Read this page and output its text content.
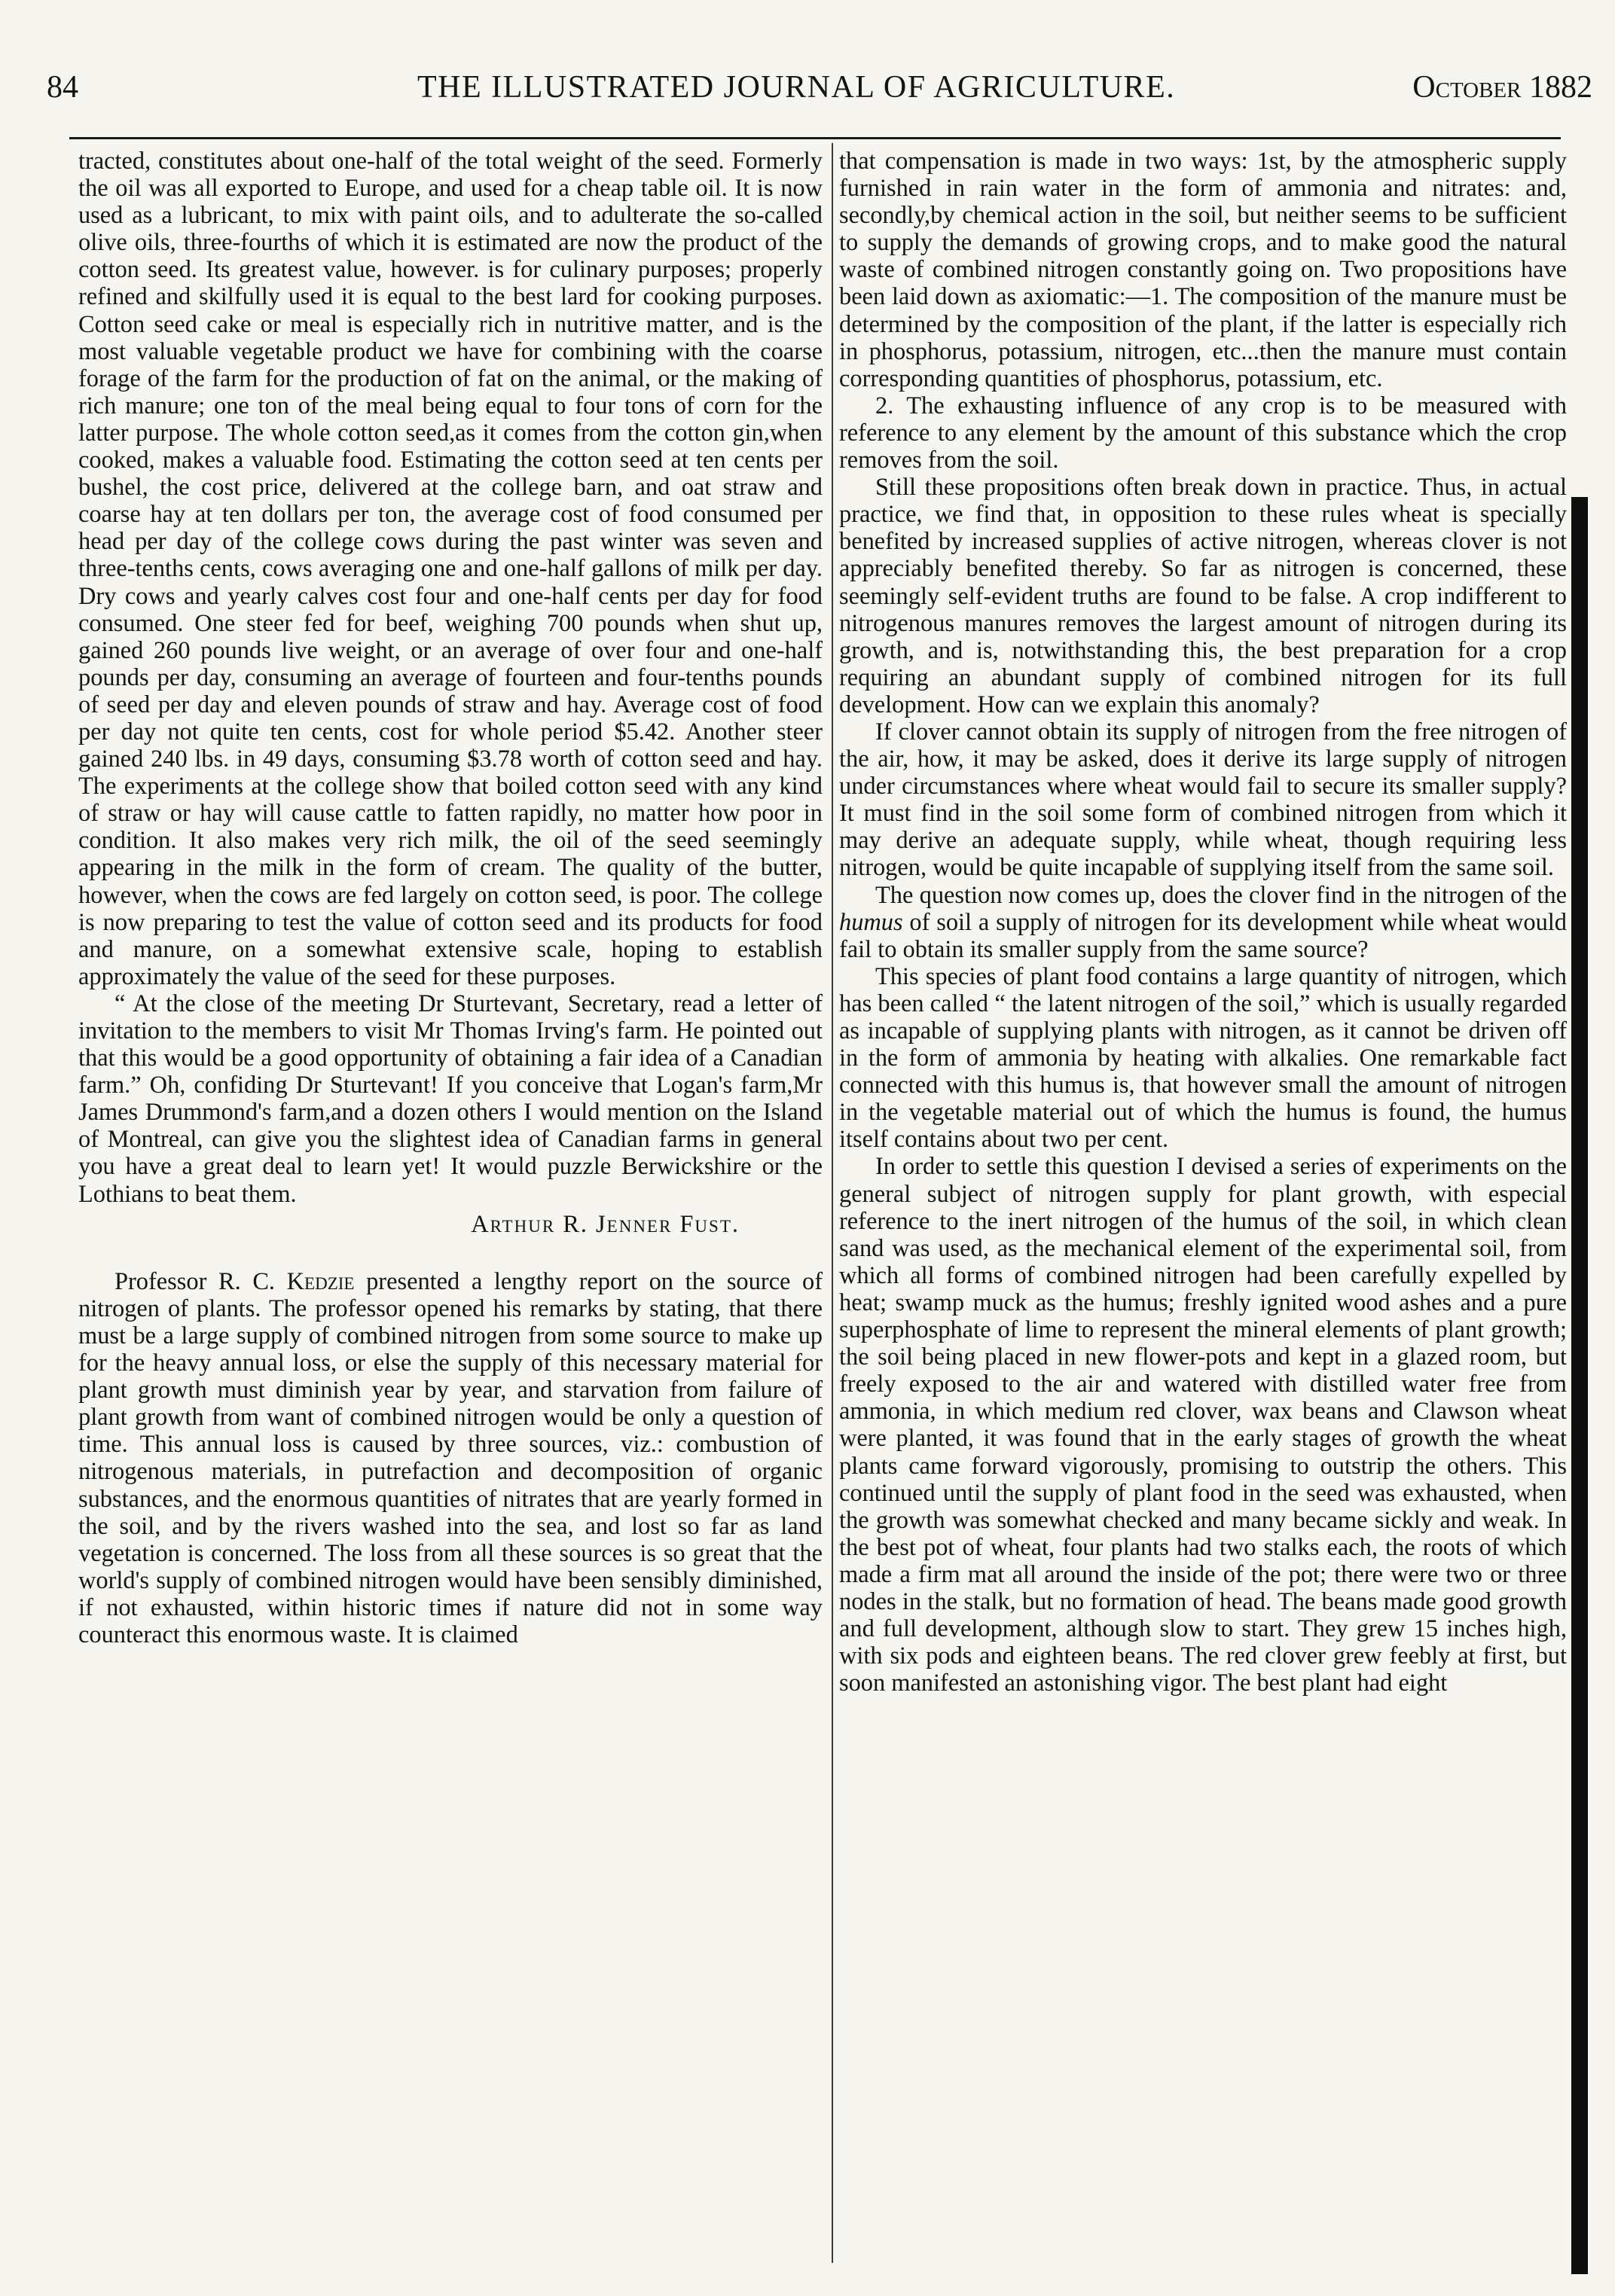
84	THE ILLUSTRATED JOURNAL OF AGRICULTURE.	October 1882

tracted, constitutes about one-half of the total weight of the seed. Formerly the oil was all exported to Europe, and used for a cheap table oil. It is now used as a lubricant, to mix with paint oils, and to adulterate the so-called olive oils, three-fourths of which it is estimated are now the product of the cotton seed. Its greatest value, however. is for culinary purposes; properly refined and skilfully used it is equal to the best lard for cooking purposes. Cotton seed cake or meal is especially rich in nutritive matter, and is the most valuable vegetable product we have for combining with the coarse forage of the farm for the production of fat on the animal, or the making of rich manure; one ton of the meal being equal to four tons of corn for the latter purpose. The whole cotton seed,as it comes from the cotton gin,when cooked, makes a valuable food. Estimating the cotton seed at ten cents per bushel, the cost price, delivered at the college barn, and oat straw and coarse hay at ten dollars per ton, the average cost of food consumed per head per day of the college cows during the past winter was seven and three-tenths cents, cows averaging one and one-half gallons of milk per day. Dry cows and yearly calves cost four and one-half cents per day for food consumed. One steer fed for beef, weighing 700 pounds when shut up, gained 260 pounds live weight, or an average of over four and one-half pounds per day, consuming an average of fourteen and four-tenths pounds of seed per day and eleven pounds of straw and hay. Average cost of food per day not quite ten cents, cost for whole period $5.42. Another steer gained 240 lbs. in 49 days, consuming $3.78 worth of cotton seed and hay. The experiments at the college show that boiled cotton seed with any kind of straw or hay will cause cattle to fatten rapidly, no matter how poor in condition. It also makes very rich milk, the oil of the seed seemingly appearing in the milk in the form of cream. The quality of the butter, however, when the cows are fed largely on cotton seed, is poor. The college is now preparing to test the value of cotton seed and its products for food and manure, on a somewhat extensive scale, hoping to establish approximately the value of the seed for these purposes.

“ At the close of the meeting Dr Sturtevant, Secretary, read a letter of invitation to the members to visit Mr Thomas Irving's farm. He pointed out that this would be a good opportunity of obtaining a fair idea of a Canadian farm.” Oh, confiding Dr Sturtevant! If you conceive that Logan's farm,Mr James Drummond's farm,and a dozen others I would mention on the Island of Montreal, can give you the slightest idea of Canadian farms in general you have a great deal to learn yet! It would puzzle Berwickshire or the Lothians to beat them.

Arthur R. Jenner Fust.

Professor R. C. Kedzie presented a lengthy report on the source of nitrogen of plants. The professor opened his remarks by stating, that there must be a large supply of combined nitrogen from some source to make up for the heavy annual loss, or else the supply of this necessary material for plant growth must diminish year by year, and starvation from failure of plant growth from want of combined nitrogen would be only a question of time. This annual loss is caused by three sources, viz.: combustion of nitrogenous materials, in putrefaction and decomposition of organic substances, and the enormous quantities of nitrates that are yearly formed in the soil, and by the rivers washed into the sea, and lost so far as land vegetation is concerned. The loss from all these sources is so great that the world's supply of combined nitrogen would have been sensibly diminished, if not exhausted, within historic times if nature did not in some way counteract this enormous waste. It is claimed

that compensation is made in two ways: 1st, by the atmospheric supply furnished in rain water in the form of ammonia and nitrates: and, secondly,by chemical action in the soil, but neither seems to be sufficient to supply the demands of growing crops, and to make good the natural waste of combined nitrogen constantly going on. Two propositions have been laid down as axiomatic:—1. The composition of the manure must be determined by the composition of the plant, if the latter is especially rich in phosphorus, potassium, nitrogen, etc...then the manure must contain corresponding quantities of phosphorus, potassium, etc.

2. The exhausting influence of any crop is to be measured with reference to any element by the amount of this substance which the crop removes from the soil.

Still these propositions often break down in practice. Thus, in actual practice, we find that, in opposition to these rules wheat is specially benefited by increased supplies of active nitrogen, whereas clover is not appreciably benefited thereby. So far as nitrogen is concerned, these seemingly self-evident truths are found to be false. A crop indifferent to nitrogenous manures removes the largest amount of nitrogen during its growth, and is, notwithstanding this, the best preparation for a crop requiring an abundant supply of combined nitrogen for its full development. How can we explain this anomaly?

If clover cannot obtain its supply of nitrogen from the free nitrogen of the air, how, it may be asked, does it derive its large supply of nitrogen under circumstances where wheat would fail to secure its smaller supply? It must find in the soil some form of combined nitrogen from which it may derive an adequate supply, while wheat, though requiring less nitrogen, would be quite incapable of supplying itself from the same soil.

The question now comes up, does the clover find in the nitrogen of the humus of soil a supply of nitrogen for its development while wheat would fail to obtain its smaller supply from the same source?

This species of plant food contains a large quantity of nitrogen, which has been called “ the latent nitrogen of the soil,” which is usually regarded as incapable of supplying plants with nitrogen, as it cannot be driven off in the form of ammonia by heating with alkalies. One remarkable fact connected with this humus is, that however small the amount of nitrogen in the vegetable material out of which the humus is found, the humus itself contains about two per cent.

In order to settle this question I devised a series of experiments on the general subject of nitrogen supply for plant growth, with especial reference to the inert nitrogen of the humus of the soil, in which clean sand was used, as the mechanical element of the experimental soil, from which all forms of combined nitrogen had been carefully expelled by heat; swamp muck as the humus; freshly ignited wood ashes and a pure superphosphate of lime to represent the mineral elements of plant growth; the soil being placed in new flower-pots and kept in a glazed room, but freely exposed to the air and watered with distilled water free from ammonia, in which medium red clover, wax beans and Clawson wheat were planted, it was found that in the early stages of growth the wheat plants came forward vigorously, promising to outstrip the others. This continued until the supply of plant food in the seed was exhausted, when the growth was somewhat checked and many became sickly and weak. In the best pot of wheat, four plants had two stalks each, the roots of which made a firm mat all around the inside of the pot; there were two or three nodes in the stalk, but no formation of head. The beans made good growth and full development, although slow to start. They grew 15 inches high, with six pods and eighteen beans. The red clover grew feebly at first, but soon manifested an astonishing vigor. The best plant had eight
